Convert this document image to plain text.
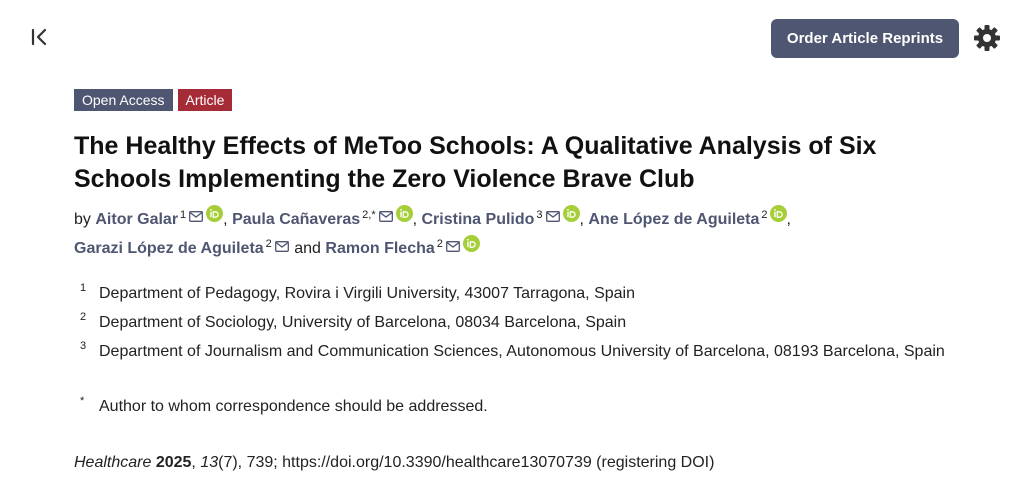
Order Article Reprints
Open Access	Article
The Healthy Effects of MeToo Schools: A Qualitative Analysis of Six Schools Implementing the Zero Violence Brave Club
by Aitor Galar $^1$ , Paula Cañaveras $^{2,*}$ , Cristina Pulido $^3$ , Ane López de Aguileta $^2$ ,
Garazi López de Aguileta $^2$ and Ramon Flecha $^2$
1 Department of Pedagogy, Rovira i Virgili University, 43007 Tarragona, Spain
2 Department of Sociology, University of Barcelona, 08034 Barcelona, Spain
3 Department of Journalism and Communication Sciences, Autonomous University of Barcelona, 08193 Barcelona, Spain
* Author to whom correspondence should be addressed.
Healthcare 2025, 13(7), 739; https://doi.org/10.3390/healthcare13070739 (registering DOI)
